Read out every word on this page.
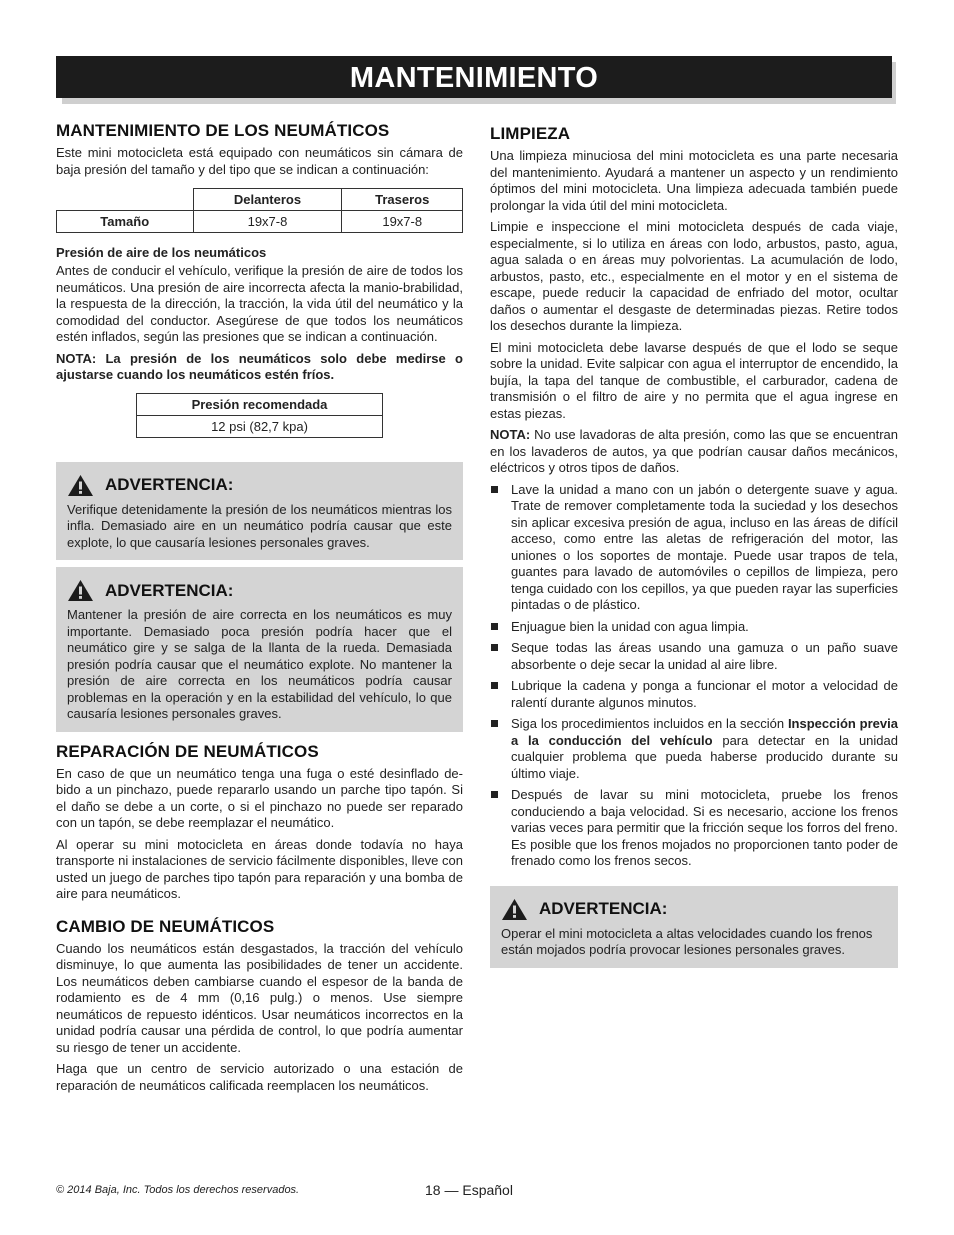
MANTENIMIENTO
MANTENIMIENTO DE LOS NEUMÁTICOS

Este mini motocicleta está equipado con neumáticos sin cámara de baja presión del tamaño y del tipo que se indican a continuación:

	Delanteros	Traseros
Tamaño	19x7-8	19x7-8
Presión de aire de los neumáticos

Antes de conducir el vehículo, verifique la presión de aire de todos los neumáticos. Una presión de aire incorrecta afecta la manio-brabilidad, la respuesta de la dirección, la tracción, la vida útil del neumático y la comodidad del conductor. Asegúrese de que todos los neumáticos estén inflados, según las presiones que se indican a continuación.

NOTA: La presión de los neumáticos solo debe medirse o ajustarse cuando los neumáticos estén fríos.

Presión recomendada
12 psi (82,7 kpa)
ADVERTENCIA:

Verifique detenidamente la presión de los neumáticos mientras los infla. Demasiado aire en un neumático podría causar que este explote, lo que causaría lesiones personales graves.

ADVERTENCIA:

Mantener la presión de aire correcta en los neumáticos es muy importante. Demasiado poca presión podría hacer que el neumático gire y se salga de la llanta de la rueda. Demasiada presión podría causar que el neumático explote. No mantener la presión de aire correcta en los neumáticos podría causar problemas en la operación y en la estabilidad del vehículo, lo que causaría lesiones personales graves.

REPARACIÓN DE NEUMÁTICOS

En caso de que un neumático tenga una fuga o esté desinflado de-bido a un pinchazo, puede repararlo usando un parche tipo tapón. Si el daño se debe a un corte, o si el pinchazo no puede ser reparado con un tapón, se debe reemplazar el neumático.

Al operar su mini motocicleta en áreas donde todavía no haya transporte ni instalaciones de servicio fácilmente disponibles, lleve con usted un juego de parches tipo tapón para reparación y una bomba de aire para neumáticos.

CAMBIO DE NEUMÁTICOS

Cuando los neumáticos están desgastados, la tracción del vehículo disminuye, lo que aumenta las posibilidades de tener un accidente. Los neumáticos deben cambiarse cuando el espesor de la banda de rodamiento es de 4 mm (0,16 pulg.) o menos. Use siempre neumáticos de repuesto idénticos. Usar neumáticos incorrectos en la unidad podría causar una pérdida de control, lo que podría aumentar su riesgo de tener un accidente.

Haga que un centro de servicio autorizado o una estación de reparación de neumáticos calificada reemplacen los neumáticos.

LIMPIEZA

Una limpieza minuciosa del mini motocicleta es una parte necesaria del mantenimiento. Ayudará a mantener un aspecto y un rendimiento óptimos del mini motocicleta. Una limpieza adecuada también puede prolongar la vida útil del mini motocicleta.

Limpie e inspeccione el mini motocicleta después de cada viaje, especialmente, si lo utiliza en áreas con lodo, arbustos, pasto, agua, agua salada o en áreas muy polvorientas. La acumulación de lodo, arbustos, pasto, etc., especialmente en el motor y en el sistema de escape, puede reducir la capacidad de enfriado del motor, ocultar daños o aumentar el desgaste de determinadas piezas. Retire todos los desechos durante la limpieza.

El mini motocicleta debe lavarse después de que el lodo se seque sobre la unidad. Evite salpicar con agua el interruptor de encendido, la bujía, la tapa del tanque de combustible, el carburador, cadena de transmisión o el filtro de aire y no permita que el agua ingrese en estas piezas.

NOTA: No use lavadoras de alta presión, como las que se encuentran en los lavaderos de autos, ya que podrían causar daños mecánicos, eléctricos y otros tipos de daños.

Lave la unidad a mano con un jabón o detergente suave y agua. Trate de remover completamente toda la suciedad y los desechos sin aplicar excesiva presión de agua, incluso en las áreas de difícil acceso, como entre las aletas de refrigeración del motor, las uniones o los soportes de montaje. Puede usar trapos de tela, guantes para lavado de automóviles o cepillos de limpieza, pero tenga cuidado con los cepillos, ya que pueden rayar las superficies pintadas o de plástico.
Enjuague bien la unidad con agua limpia.
Seque todas las áreas usando una gamuza o un paño suave absorbente o deje secar la unidad al aire libre.
Lubrique la cadena y ponga a funcionar el motor a velocidad de ralentí durante algunos minutos.
Siga los procedimientos incluidos en la sección Inspección previa a la conducción del vehículo para detectar en la unidad cualquier problema que pueda haberse producido durante su último viaje.
Después de lavar su mini motocicleta, pruebe los frenos conduciendo a baja velocidad. Si es necesario, accione los frenos varias veces para permitir que la fricción seque los forros del freno. Es posible que los frenos mojados no proporcionen tanto poder de frenado como los frenos secos.
ADVERTENCIA:

Operar el mini motocicleta a altas velocidades cuando los frenos están mojados podría provocar lesiones personales graves.

© 2014 Baja, Inc. Todos los derechos reservados.	18 — Español
